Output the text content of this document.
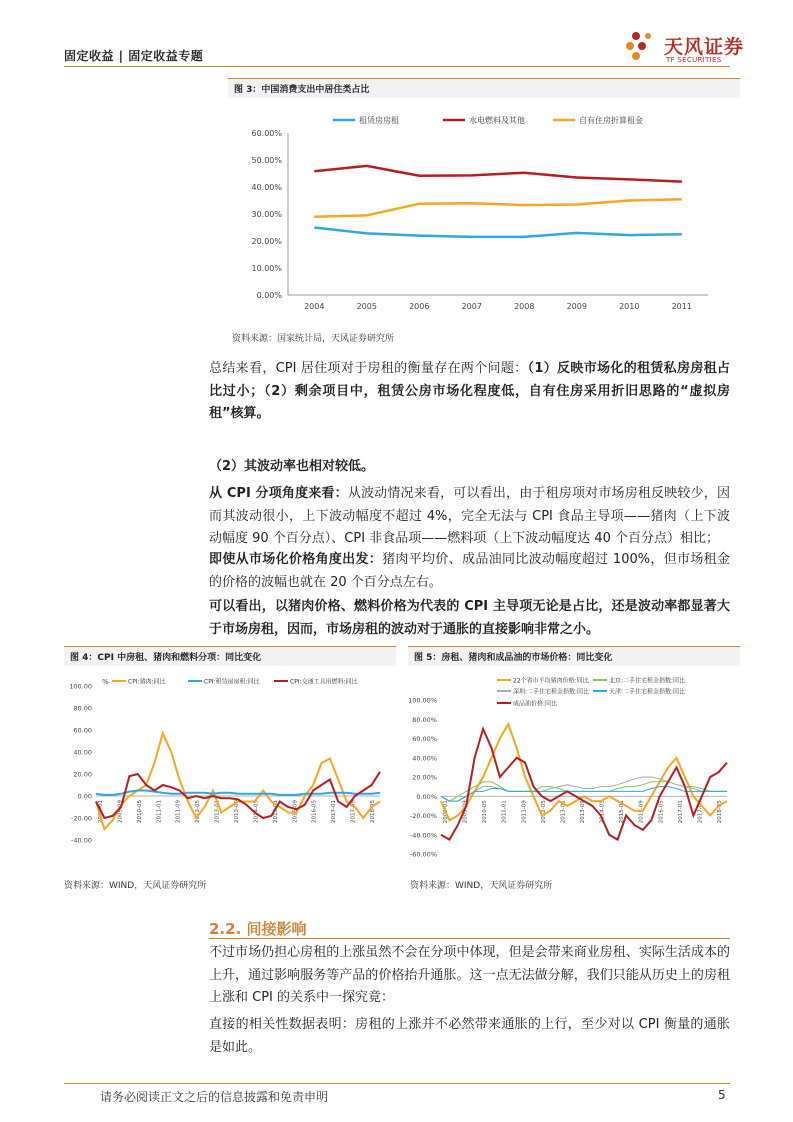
固定收益 | 固定收益专题	天风证券
TF SECURITIES
图 3：中国消费支出中居住类占比
0.00%
10.00%
20.00%
30.00%
40.00%
50.00%
60.00%
2004	2005	2006	2007	2008	2009	2010	2011
租赁房房租	水电燃料及其他	自有住房折算租金
资料来源：国家统计局，天风证券研究所
总结来看，CPI 居住项对于房租的衡量存在两个问题：（1）反映市场化的租赁私房房租占比过小；（2）剩余项目中，租赁公房市场化程度低，自有住房采用折旧思路的“虚拟房租”核算。
（2）其波动率也相对较低。
从 CPI 分项角度来看：从波动情况来看，可以看出，由于租房项对市场房租反映较少，因而其波动很小，上下波动幅度不超过 4%，完全无法与 CPI 食品主导项——猪肉（上下波动幅度 90 个百分点）、CPI 非食品项——燃料项（上下波动幅度达 40 个百分点）相比；
即使从市场化价格角度出发：猪肉平均价、成品油同比波动幅度超过 100%，但市场租金的价格的波幅也就在 20 个百分点左右。
可以看出，以猪肉价格、燃料价格为代表的 CPI 主导项无论是占比，还是波动率都显著大于市场房租，因而，市场房租的波动对于通胀的直接影响非常之小。
图 4：CPI 中房租、猪肉和燃料分项：同比变化
100.00
80.00
60.00
40.00
20.00
0.00
-20.00
-40.00
%
2009-01 2009-09 2010-05 2011-01 2011-09 2012-05 2013-01 2013-09 2014-05 2015-01 2015-09 2016-05 2017-01 2017-09 2018-05
CPI:猪肉:同比	CPI:租赁房房租:同比	CPI:交通工具用燃料:同比
资料来源：WIND，天风证券研究所
图 5：房租、猪肉和成品油的市场价格：同比变化
100.00%
80.00%
60.00%
40.00%
20.00%
0.00%
-20.00%
-40.00%
-60.00%
2009-01 2009-09 2010-05 2011-01 2011-09 2012-05 2013-01 2013-09 2014-05 2015-01 2015-09 2016-05 2017-01 2017-09 2018-05
22个省市平均猪肉价格:同比	北京:二手住宅租金指数:同比
深圳:二手住宅租金指数:同比	天津:二手住宅租金指数:同比
成品油价格:同比
资料来源：WIND，天风证券研究所
2.2. 间接影响
不过市场仍担心房租的上涨虽然不会在分项中体现，但是会带来商业房租、实际生活成本的上升，通过影响服务等产品的价格抬升通胀。这一点无法做分解，我们只能从历史上的房租上涨和 CPI 的关系中一探究竟：
直接的相关性数据表明：房租的上涨并不必然带来通胀的上行，至少对以 CPI 衡量的通胀是如此。
请务必阅读正文之后的信息披露和免责申明	5
